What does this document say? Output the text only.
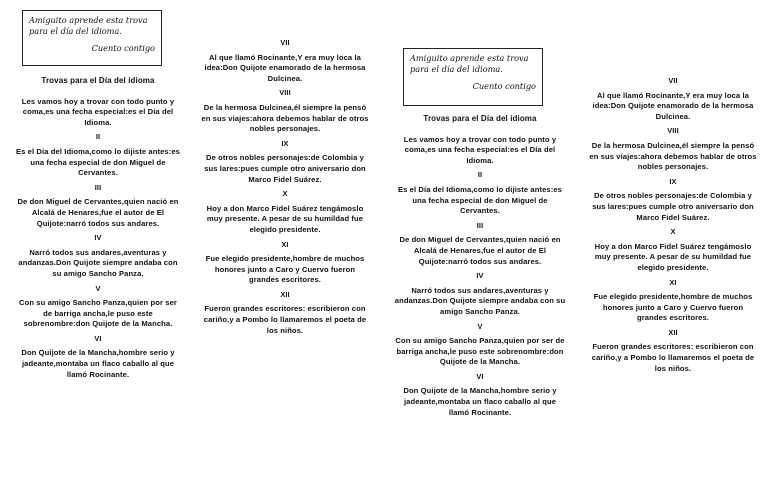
Amiguito aprende esta trova
para el día del idioma.
Cuento contigo
Trovas para el Día del idioma

Les vamos hoy a trovar con todo punto y coma,es una fecha especial:es el Día del Idioma.

II

Es el Día del Idioma,como lo dijiste antes:es una fecha especial de don Miguel de Cervantes.

III

De don Miguel de Cervantes,quien nació en Alcalá de Henares,fue el autor de El Quijote:narró todos sus andares.

IV

Narró todos sus andares,aventuras y andanzas.Don Quijote siempre andaba con su amigo Sancho Panza.

V

Con su amigo Sancho Panza,quien por ser de barriga ancha,le puso este sobrenombre:don Quijote de la Mancha.

VI

Don Quijote de la Mancha,hombre serio y jadeante,montaba un flaco caballo al que llamó Rocinante.

VII

Al que llamó Rocinante,Y era muy loca la idea:Don Quijote enamorado de la hermosa Dulcinea.

VIII

De la hermosa Dulcinea,él siempre la pensó en sus viajes:ahora debemos hablar de otros nobles personajes.

IX

De otros nobles personajes:de Colombia y sus lares:pues cumple otro aniversario don Marco Fidel Suárez.

X

Hoy a don Marco Fidel Suárez tengámoslo muy presente. A pesar de su humildad fue elegido presidente.

XI

Fue elegido presidente,hombre de muchos honores junto a Caro y Cuervo fueron grandes escritores.

XII

Fueron grandes escritores: escribieron con cariño,y a Pombo lo llamaremos el poeta de los niños.

Amiguito aprende esta trova
para el día del idioma.
Cuento contigo
Trovas para el Día del idioma

Les vamos hoy a trovar con todo punto y coma,es una fecha especial:es el Día del Idioma.

II

Es el Día del Idioma,como lo dijiste antes:es una fecha especial de don Miguel de Cervantes.

III

De don Miguel de Cervantes,quien nació en Alcalá de Henares,fue el autor de El Quijote:narró todos sus andares.

IV

Narró todos sus andares,aventuras y andanzas.Don Quijote siempre andaba con su amigo Sancho Panza.

V

Con su amigo Sancho Panza,quien por ser de barriga ancha,le puso este sobrenombre:don Quijote de la Mancha.

VI

Don Quijote de la Mancha,hombre serio y jadeante,montaba un flaco caballo al que llamó Rocinante.

VII

Al que llamó Rocinante,Y era muy loca la idea:Don Quijote enamorado de la hermosa Dulcinea.

VIII

De la hermosa Dulcinea,él siempre la pensó en sus viajes:ahora debemos hablar de otros nobles personajes.

IX

De otros nobles personajes:de Colombia y sus lares:pues cumple otro aniversario don Marco Fidel Suárez.

X

Hoy a don Marco Fidel Suárez tengámoslo muy presente. A pesar de su humildad fue elegido presidente.

XI

Fue elegido presidente,hombre de muchos honores junto a Caro y Cuervo fueron grandes escritores.

XII

Fueron grandes escritores: escribieron con cariño,y a Pombo lo llamaremos el poeta de los niños.
